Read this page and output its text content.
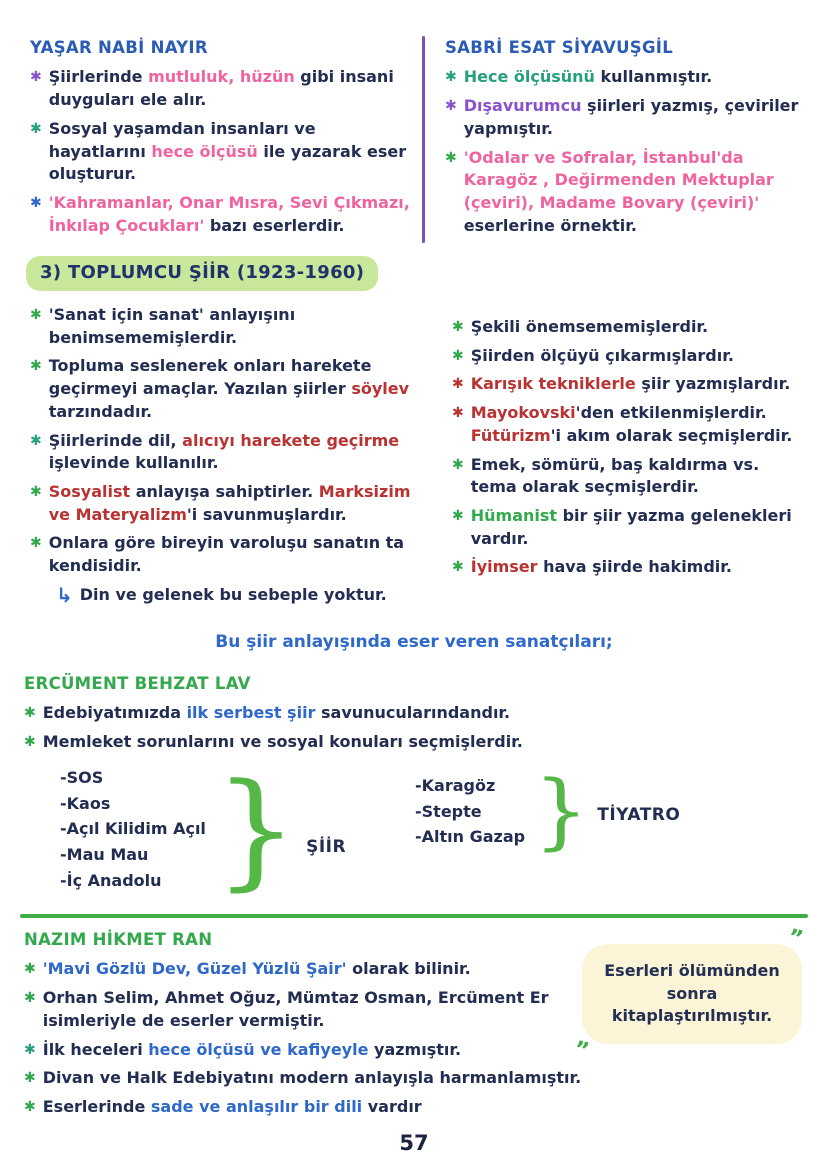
YAŞAR NABİ NAYIR
✱ Şiirlerinde mutluluk, hüzün gibi insani duyguları ele alır.
✱ Sosyal yaşamdan insanları ve hayatlarını hece ölçüsü ile yazarak eser oluşturur.
✱ 'Kahramanlar, Onar Mısra, Sevi Çıkmazı, İnkılap Çocukları' bazı eserlerdir.
SABRİ ESAT SİYAVUŞGİL
✱ Hece ölçüsünü kullanmıştır.
✱ Dışavurumcu şiirleri yazmış, çeviriler yapmıştır.
✱ 'Odalar ve Sofralar, İstanbul'da Karagöz , Değirmenden Mektuplar (çeviri), Madame Bovary (çeviri)' eserlerine örnektir.
3) TOPLUMCU ŞİİR (1923-1960)
✱ 'Sanat için sanat' anlayışını benimsememişlerdir.
✱ Topluma seslenerek onları harekete geçirmeyi amaçlar. Yazılan şiirler söylev tarzındadır.
✱ Şiirlerinde dil, alıcıyı harekete geçirme işlevinde kullanılır.
✱ Sosyalist anlayışa sahiptirler. Marksizim ve Materyalizm'i savunmuşlardır.
✱ Onlara göre bireyin varoluşu sanatın ta kendisidir.
↳ Din ve gelenek bu sebeple yoktur.
✱ Şekili önemsememişlerdir.
✱ Şiirden ölçüyü çıkarmışlardır.
✱ Karışık tekniklerle şiir yazmışlardır.
✱ Mayokovski'den etkilenmişlerdir. Fütürizm'i akım olarak seçmişlerdir.
✱ Emek, sömürü, baş kaldırma vs. tema olarak seçmişlerdir.
✱ Hümanist bir şiir yazma gelenekleri vardır.
✱ İyimser hava şiirde hakimdir.
Bu şiir anlayışında eser veren sanatçıları;
ERCÜMENT BEHZAT LAV
✱ Edebiyatımızda ilk serbest şiir savunucularındandır.
✱ Memleket sorunlarını ve sosyal konuları seçmişlerdir.
-SOS
-Kaos
-Açıl Kilidim Açıl
-Mau Mau
-İç Anadolu } ŞİİR
-Karagöz
-Stepte
-Altın Gazap } TİYATRO
NAZIM HİKMET RAN
✱ 'Mavi Gözlü Dev, Güzel Yüzlü Şair' olarak bilinir.
✱ Orhan Selim, Ahmet Oğuz, Mümtaz Osman, Ercüment Er isimleriyle de eserler vermiştir.
✱ İlk heceleri hece ölçüsü ve kafiyeyle yazmıştır.
✱ Divan ve Halk Edebiyatını modern anlayışla harmanlamıştır.
✱ Eserlerinde sade ve anlaşılır bir dili vardır
”
Eserleri ölümünden sonra kitaplaştırılmıştır.
”
57
